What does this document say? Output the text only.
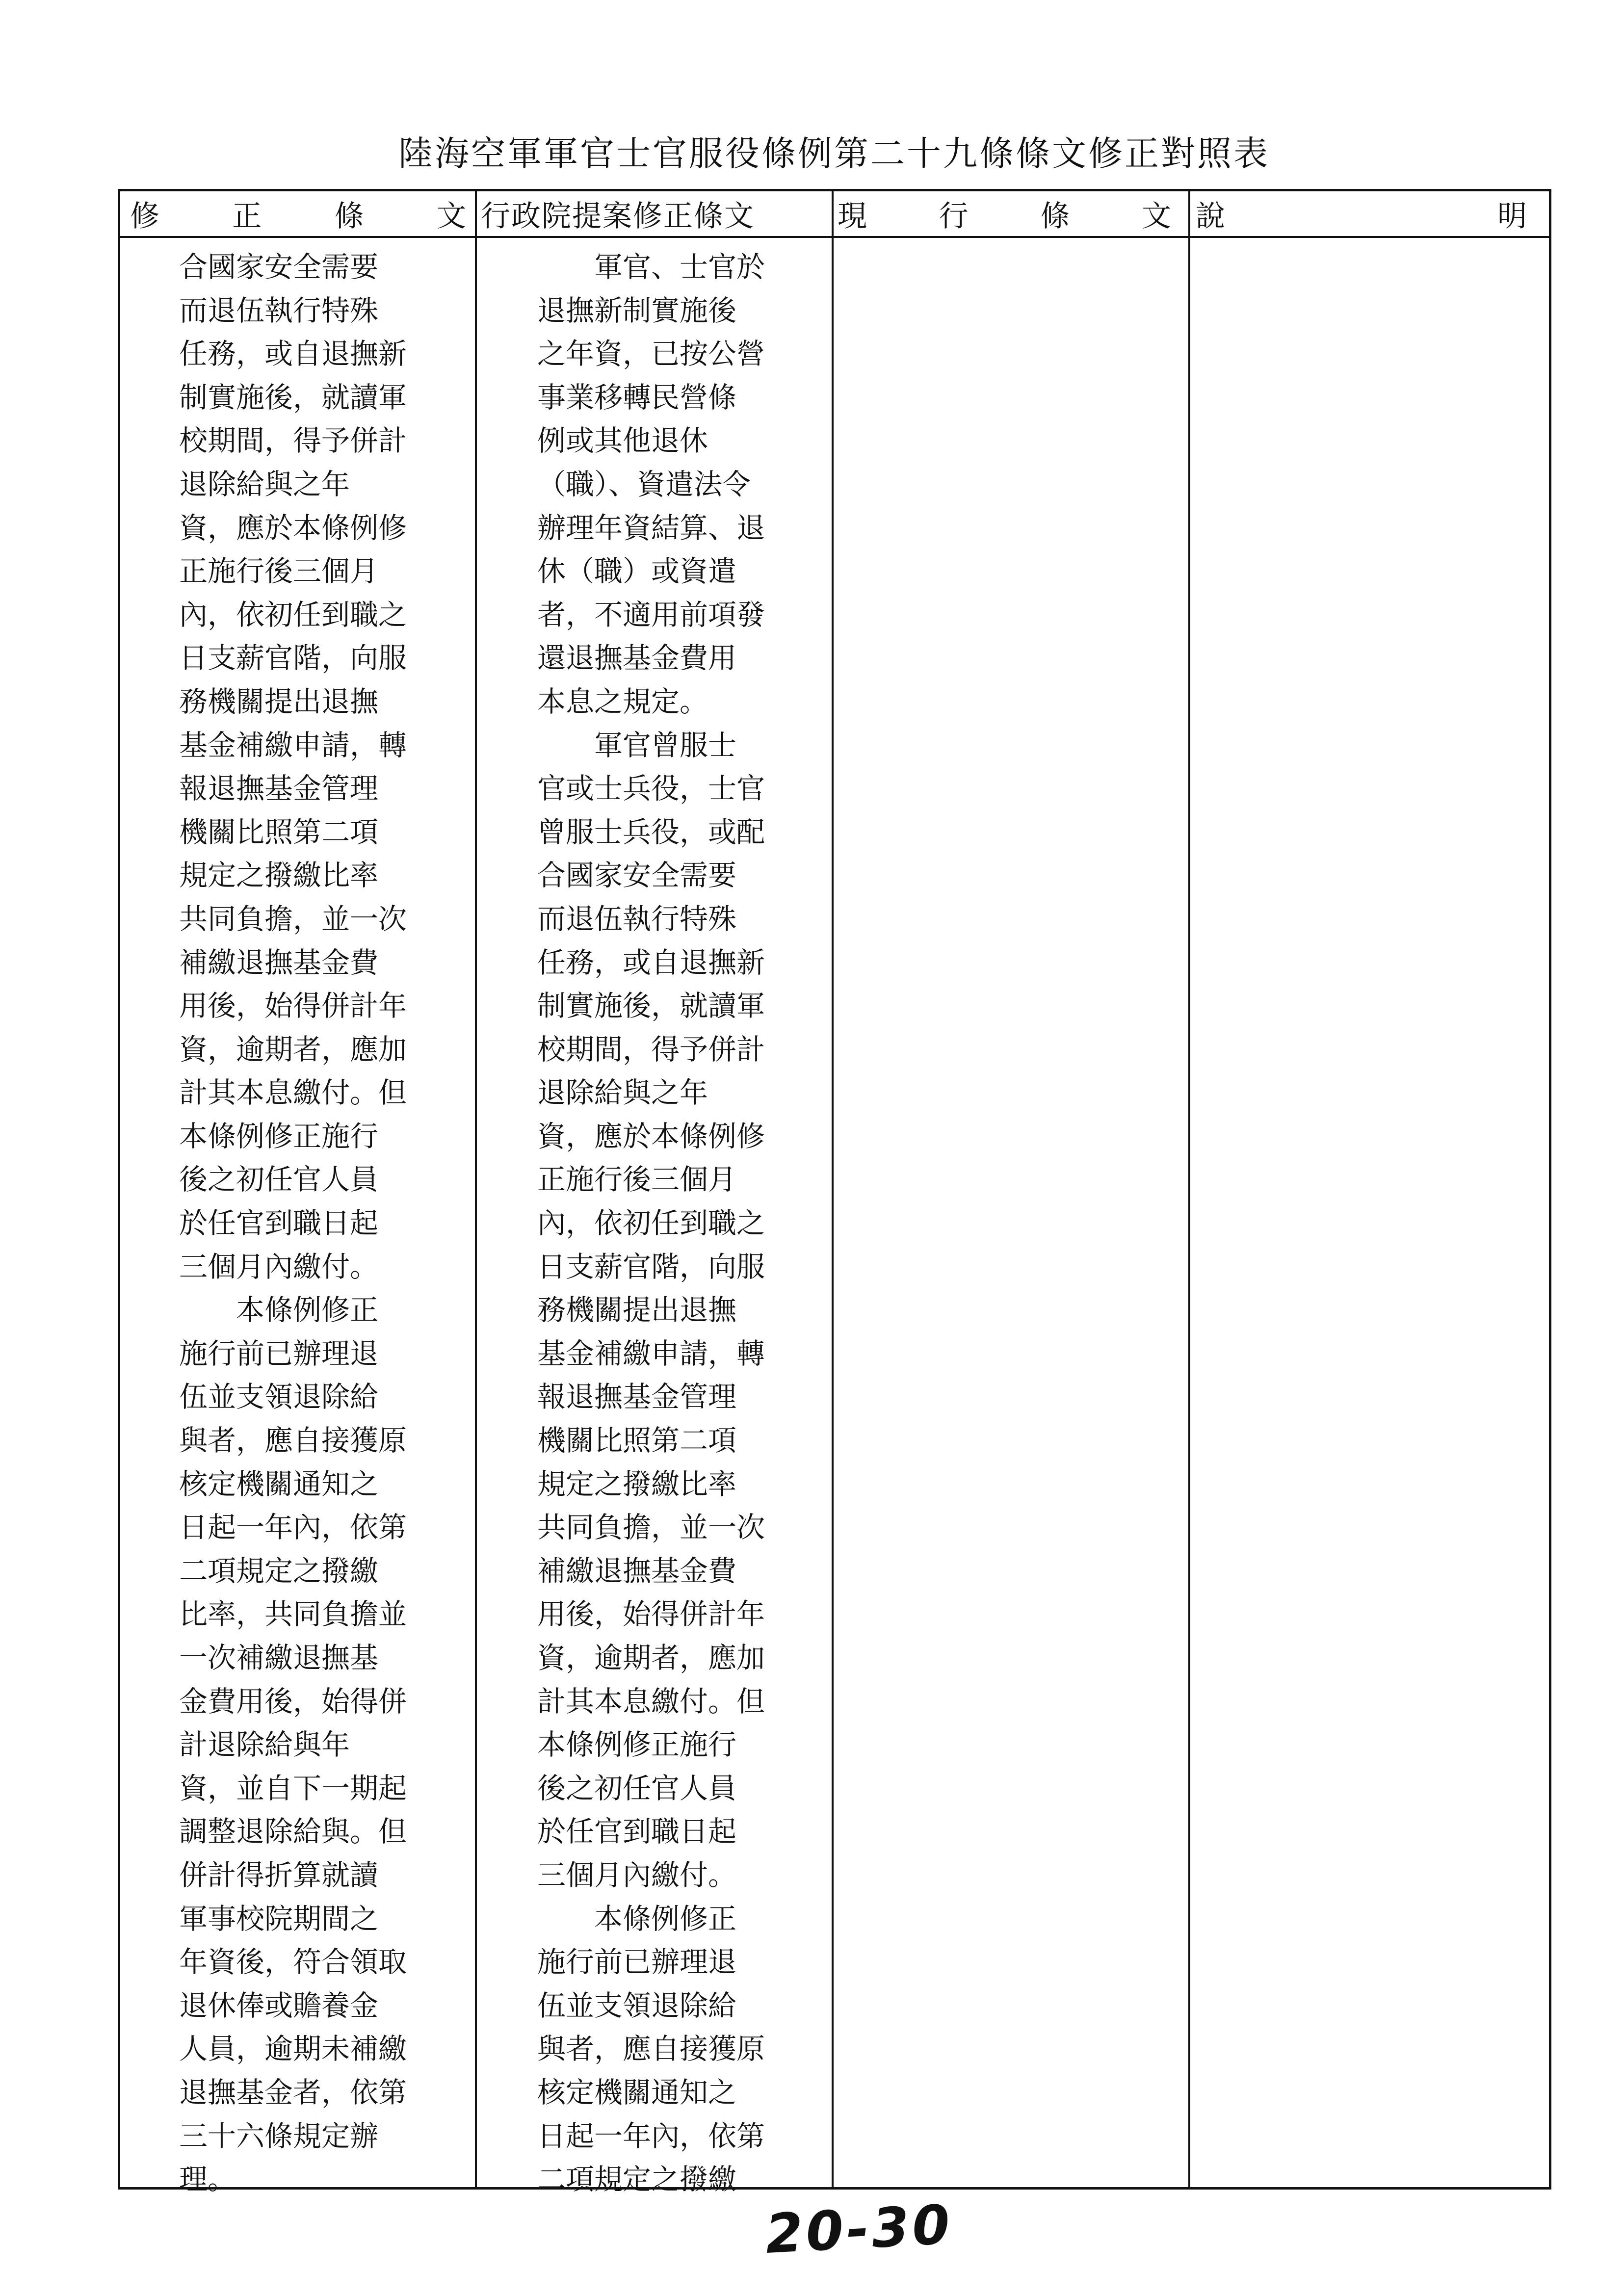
陸海空軍軍官士官服役條例第二十九條條文修正對照表
修 正 條 文 行政院提案修正條文	現 行 條 文 說	明
合國家安全需要
而退伍執行特殊
任務，或自退撫新
制實施後，就讀軍
校期間，得予併計
退除給與之年
資，應於本條例修
正施行後三個月
內，依初任到職之
日支薪官階，向服
務機關提出退撫
基金補繳申請，轉
報退撫基金管理
機關比照第二項
規定之撥繳比率
共同負擔，並一次
補繳退撫基金費
用後，始得併計年
資，逾期者，應加
計其本息繳付。但
本條例修正施行
後之初任官人員
於任官到職日起
三個月內繳付。
　　本條例修正
施行前已辦理退
伍並支領退除給
與者，應自接獲原
核定機關通知之
日起一年內，依第
二項規定之撥繳
比率，共同負擔並
一次補繳退撫基
金費用後，始得併
計退除給與年
資，並自下一期起
調整退除給與。但
併計得折算就讀
軍事校院期間之
年資後，符合領取
退休俸或贍養金
人員，逾期未補繳
退撫基金者，依第
三十六條規定辦
理。
　　軍官、士官於
退撫新制實施後
之年資，已按公營
事業移轉民營條
例或其他退休
（職）、資遣法令
辦理年資結算、退
休（職）或資遣
者，不適用前項發
還退撫基金費用
本息之規定。
　　軍官曾服士
官或士兵役，士官
曾服士兵役，或配
合國家安全需要
而退伍執行特殊
任務，或自退撫新
制實施後，就讀軍
校期間，得予併計
退除給與之年
資，應於本條例修
正施行後三個月
內，依初任到職之
日支薪官階，向服
務機關提出退撫
基金補繳申請，轉
報退撫基金管理
機關比照第二項
規定之撥繳比率
共同負擔，並一次
補繳退撫基金費
用後，始得併計年
資，逾期者，應加
計其本息繳付。但
本條例修正施行
後之初任官人員
於任官到職日起
三個月內繳付。
　　本條例修正
施行前已辦理退
伍並支領退除給
與者，應自接獲原
核定機關通知之
日起一年內，依第
二項規定之撥繳
20-30
